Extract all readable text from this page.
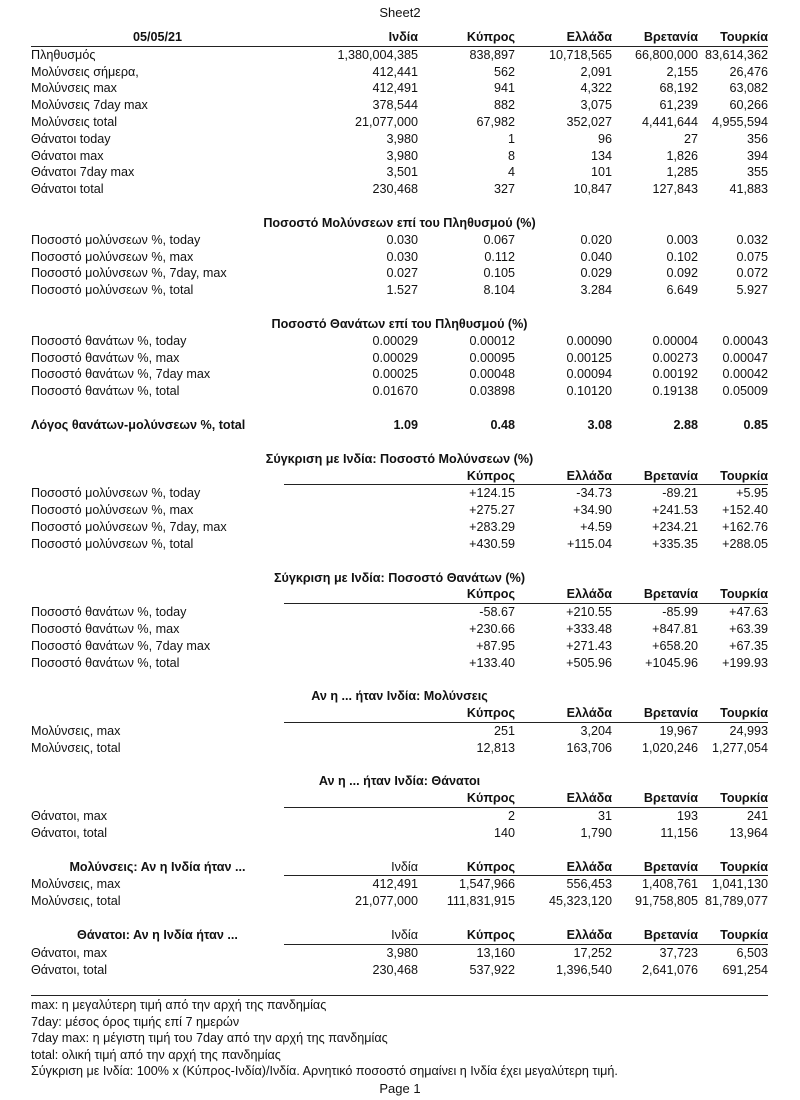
Sheet2
05/05/21	Ινδία	Κύπρος	Ελλάδα	Βρετανία	Τουρκία
Πληθυσμός	1,380,004,385	838,897	10,718,565	66,800,000	83,614,362
Μολύνσεις σήμερα,	412,441	562	2,091	2,155	26,476
Μολύνσεις max	412,491	941	4,322	68,192	63,082
Μολύνσεις 7day max	378,544	882	3,075	61,239	60,266
Μολύνσεις total	21,077,000	67,982	352,027	4,441,644	4,955,594
Θάνατοι today	3,980	1	96	27	356
Θάνατοι max	3,980	8	134	1,826	394
Θάνατοι 7day max	3,501	4	101	1,285	355
Θάνατοι total	230,468	327	10,847	127,843	41,883

Ποσοστό Μολύνσεων επί του Πληθυσμού (%)					
Ποσοστό μολύνσεων %, today	0.030	0.067	0.020	0.003	0.032
Ποσοστό μολύνσεων %, max	0.030	0.112	0.040	0.102	0.075
Ποσοστό μολύνσεων %, 7day, max	0.027	0.105	0.029	0.092	0.072
Ποσοστό μολύνσεων %, total	1.527	8.104	3.284	6.649	5.927

Ποσοστό Θανάτων επί του Πληθυσμού (%)					
Ποσοστό θανάτων %, today	0.00029	0.00012	0.00090	0.00004	0.00043
Ποσοστό θανάτων %, max	0.00029	0.00095	0.00125	0.00273	0.00047
Ποσοστό θανάτων %, 7day max	0.00025	0.00048	0.00094	0.00192	0.00042
Ποσοστό θανάτων %, total	0.01670	0.03898	0.10120	0.19138	0.05009

Λόγος θανάτων-μολύνσεων %, total	1.09	0.48	3.08	2.88	0.85

Σύγκριση με Ινδία: Ποσοστό Μολύνσεων (%)					
		Κύπρος	Ελλάδα	Βρετανία	Τουρκία
Ποσοστό μολύνσεων %, today		+124.15	-34.73	-89.21	+5.95
Ποσοστό μολύνσεων %, max		+275.27	+34.90	+241.53	+152.40
Ποσοστό μολύνσεων %, 7day, max		+283.29	+4.59	+234.21	+162.76
Ποσοστό μολύνσεων %, total		+430.59	+115.04	+335.35	+288.05

Σύγκριση με Ινδία: Ποσοστό Θανάτων (%)					
		Κύπρος	Ελλάδα	Βρετανία	Τουρκία
Ποσοστό θανάτων %, today		-58.67	+210.55	-85.99	+47.63
Ποσοστό θανάτων %, max		+230.66	+333.48	+847.81	+63.39
Ποσοστό θανάτων %, 7day max		+87.95	+271.43	+658.20	+67.35
Ποσοστό θανάτων %, total		+133.40	+505.96	+1045.96	+199.93

Αν η ... ήταν Ινδία: Μολύνσεις					
		Κύπρος	Ελλάδα	Βρετανία	Τουρκία
Μολύνσεις, max		251	3,204	19,967	24,993
Μολύνσεις, total		12,813	163,706	1,020,246	1,277,054

Αν η ... ήταν Ινδία: Θάνατοι					
		Κύπρος	Ελλάδα	Βρετανία	Τουρκία
Θάνατοι, max		2	31	193	241
Θάνατοι, total		140	1,790	11,156	13,964

Μολύνσεις: Αν η Ινδία ήταν ...	Ινδία	Κύπρος	Ελλάδα	Βρετανία	Τουρκία
Μολύνσεις, max	412,491	1,547,966	556,453	1,408,761	1,041,130
Μολύνσεις, total	21,077,000	111,831,915	45,323,120	91,758,805	81,789,077

Θάνατοι: Αν η Ινδία ήταν ...	Ινδία	Κύπρος	Ελλάδα	Βρετανία	Τουρκία
Θάνατοι, max	3,980	13,160	17,252	37,723	6,503
Θάνατοι, total	230,468	537,922	1,396,540	2,641,076	691,254

max: η μεγαλύτερη τιμή από την αρχή της πανδημίας
7day: μέσος όρος τιμής επί 7 ημερών
7day max: η μέγιστη τιμή του 7day από την αρχή της πανδημίας
total: ολική τιμή από την αρχή της πανδημίας
Σύγκριση με Ινδία: 100% x (Κύπρος-Ινδία)/Ινδία. Αρνητικό ποσοστό σημαίνει η Ινδία έχει μεγαλύτερη τιμή.
Page 1
